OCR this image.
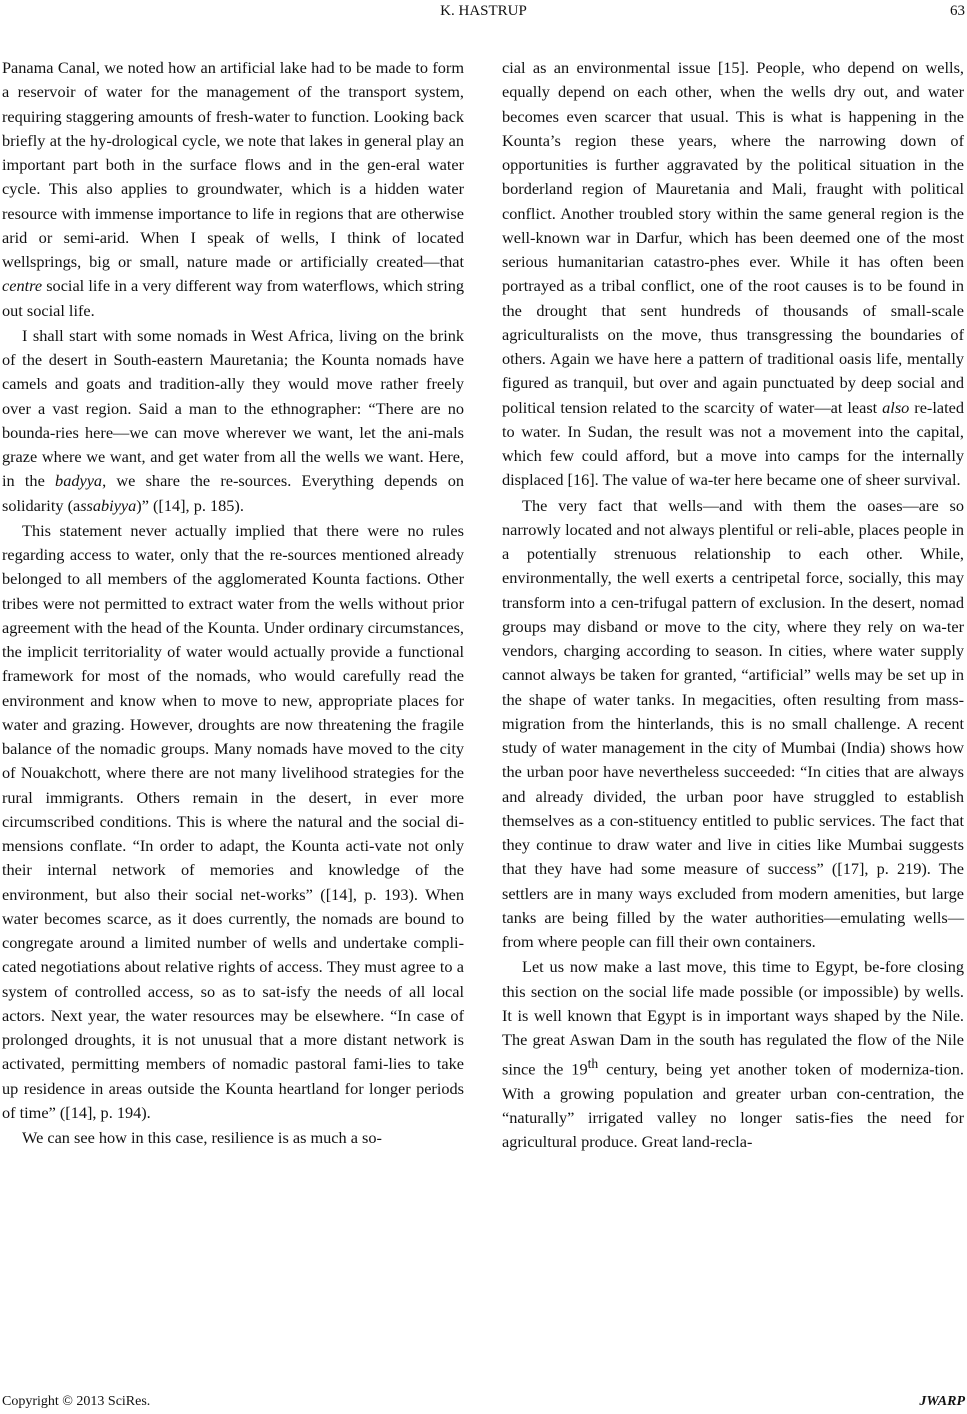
K. HASTRUP	63

Panama Canal, we noted how an artificial lake had to be made to form a reservoir of water for the management of the transport system, requiring staggering amounts of fresh-water to function. Looking back briefly at the hy-drological cycle, we note that lakes in general play an important part both in the surface flows and in the gen-eral water cycle. This also applies to groundwater, which is a hidden water resource with immense importance to life in regions that are otherwise arid or semi-arid. When I speak of wells, I think of located wellsprings, big or small, nature made or artificially created—that centre social life in a very different way from waterflows, which string out social life.

I shall start with some nomads in West Africa, living on the brink of the desert in South-eastern Mauretania; the Kounta nomads have camels and goats and tradition-ally they would move rather freely over a vast region. Said a man to the ethnographer: “There are no bounda-ries here—we can move wherever we want, let the ani-mals graze where we want, and get water from all the wells we want. Here, in the badyya, we share the re-sources. Everything depends on solidarity (assabiyya)” ([14], p. 185).

This statement never actually implied that there were no rules regarding access to water, only that the re-sources mentioned already belonged to all members of the agglomerated Kounta factions. Other tribes were not permitted to extract water from the wells without prior agreement with the head of the Kounta. Under ordinary circumstances, the implicit territoriality of water would actually provide a functional framework for most of the nomads, who would carefully read the environment and know when to move to new, appropriate places for water and grazing. However, droughts are now threatening the fragile balance of the nomadic groups. Many nomads have moved to the city of Nouakchott, where there are not many livelihood strategies for the rural immigrants. Others remain in the desert, in ever more circumscribed conditions. This is where the natural and the social di-mensions conflate. “In order to adapt, the Kounta acti-vate not only their internal network of memories and knowledge of the environment, but also their social net-works” ([14], p. 193). When water becomes scarce, as it does currently, the nomads are bound to congregate around a limited number of wells and undertake compli-cated negotiations about relative rights of access. They must agree to a system of controlled access, so as to sat-isfy the needs of all local actors. Next year, the water resources may be elsewhere. “In case of prolonged droughts, it is not unusual that a more distant network is activated, permitting members of nomadic pastoral fami-lies to take up residence in areas outside the Kounta heartland for longer periods of time” ([14], p. 194).

We can see how in this case, resilience is as much a so-

cial as an environmental issue [15]. People, who depend on wells, equally depend on each other, when the wells dry out, and water becomes even scarcer that usual. This is what is happening in the Kounta’s region these years, where the narrowing down of opportunities is further aggravated by the political situation in the borderland region of Mauretania and Mali, fraught with political conflict. Another troubled story within the same general region is the well-known war in Darfur, which has been deemed one of the most serious humanitarian catastro-phes ever. While it has often been portrayed as a tribal conflict, one of the root causes is to be found in the drought that sent hundreds of thousands of small-scale agriculturalists on the move, thus transgressing the boundaries of others. Again we have here a pattern of traditional oasis life, mentally figured as tranquil, but over and again punctuated by deep social and political tension related to the scarcity of water—at least also re-lated to water. In Sudan, the result was not a movement into the capital, which few could afford, but a move into camps for the internally displaced [16]. The value of wa-ter here became one of sheer survival.

The very fact that wells—and with them the oases—are so narrowly located and not always plentiful or reli-able, places people in a potentially strenuous relationship to each other. While, environmentally, the well exerts a centripetal force, socially, this may transform into a cen-trifugal pattern of exclusion. In the desert, nomad groups may disband or move to the city, where they rely on wa-ter vendors, charging according to season. In cities, where water supply cannot always be taken for granted, “artificial” wells may be set up in the shape of water tanks. In megacities, often resulting from mass-migration from the hinterlands, this is no small challenge. A recent study of water management in the city of Mumbai (India) shows how the urban poor have nevertheless succeeded: “In cities that are always and already divided, the urban poor have struggled to establish themselves as a con-stituency entitled to public services. The fact that they continue to draw water and live in cities like Mumbai suggests that they have had some measure of success” ([17], p. 219). The settlers are in many ways excluded from modern amenities, but large tanks are being filled by the water authorities—emulating wells—from where people can fill their own containers.

Let us now make a last move, this time to Egypt, be-fore closing this section on the social life made possible (or impossible) by wells. It is well known that Egypt is in important ways shaped by the Nile. The great Aswan Dam in the south has regulated the flow of the Nile since the 19th century, being yet another token of moderniza-tion. With a growing population and greater urban con-centration, the “naturally” irrigated valley no longer satis-fies the need for agricultural produce. Great land-recla-

Copyright © 2013 SciRes.	JWARP
